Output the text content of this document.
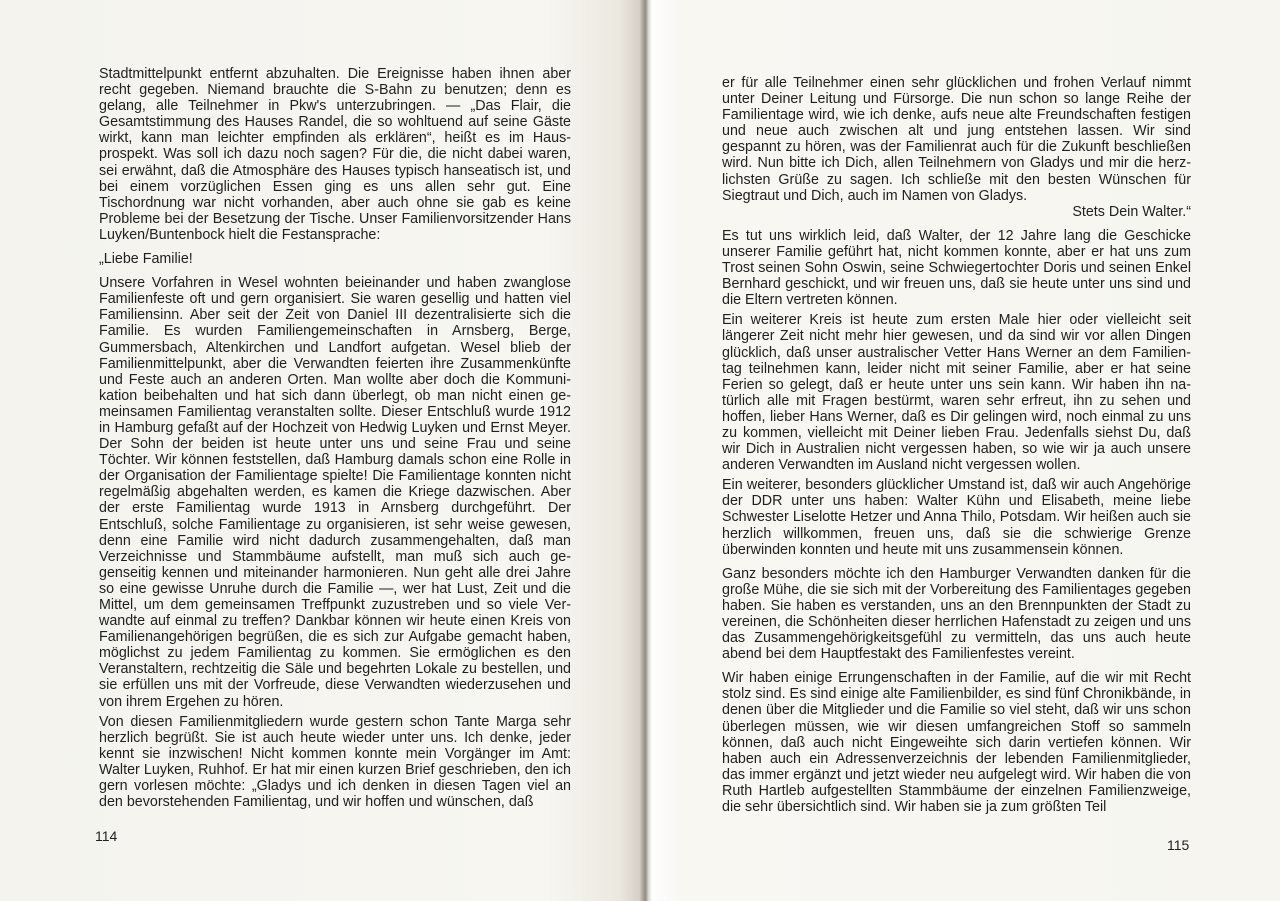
Stadtmittelpunkt entfernt abzuhalten. Die Ereignisse haben ihnen aber recht gegeben. Niemand brauchte die S-Bahn zu benutzen; denn es gelang, alle Teilnehmer in Pkw's unterzubringen. — „Das Flair, die Gesamtstimmung des Hauses Randel, die so wohltuend auf seine Gäste wirkt, kann man leichter empfinden als erklären“, heißt es im Hausprospekt. Was soll ich dazu noch sagen? Für die, die nicht dabei waren, sei erwähnt, daß die Atmosphäre des Hauses typisch hanseatisch ist, und bei einem vorzüglichen Essen ging es uns allen sehr gut. Eine Tischordnung war nicht vorhanden, aber auch ohne sie gab es keine Probleme bei der Besetzung der Tische. Unser Familienvorsitzender Hans Luyken/Buntenbock hielt die Festansprache:

„Liebe Familie!

Unsere Vorfahren in Wesel wohnten beieinander und haben zwanglose Familienfeste oft und gern organisiert. Sie waren gesellig und hatten viel Familiensinn. Aber seit der Zeit von Daniel III dezentralisierte sich die Familie. Es wurden Familiengemeinschaften in Arnsberg, Berge, Gummersbach, Altenkirchen und Landfort aufgetan. Wesel blieb der Familienmittelpunkt, aber die Verwandten feierten ihre Zusammenkünfte und Feste auch an anderen Orten. Man wollte aber doch die Kommunikation beibehalten und hat sich dann überlegt, ob man nicht einen gemeinsamen Familientag veranstalten sollte. Dieser Entschluß wurde 1912 in Hamburg gefaßt auf der Hochzeit von Hedwig Luyken und Ernst Meyer. Der Sohn der beiden ist heute unter uns und seine Frau und seine Töchter. Wir können feststellen, daß Hamburg damals schon eine Rolle in der Organisation der Familientage spielte! Die Familientage konnten nicht regelmäßig abgehalten werden, es kamen die Kriege dazwischen. Aber der erste Familientag wurde 1913 in Arnsberg durchgeführt. Der Entschluß, solche Familientage zu organisieren, ist sehr weise gewesen, denn eine Familie wird nicht dadurch zusammengehalten, daß man Verzeichnisse und Stammbäume aufstellt, man muß sich auch gegenseitig kennen und miteinander harmonieren. Nun geht alle drei Jahre so eine gewisse Unruhe durch die Familie —, wer hat Lust, Zeit und die Mittel, um dem gemeinsamen Treffpunkt zuzustreben und so viele Verwandte auf einmal zu treffen? Dankbar können wir heute einen Kreis von Familienangehörigen begrüßen, die es sich zur Aufgabe gemacht haben, möglichst zu jedem Familientag zu kommen. Sie ermöglichen es den Veranstaltern, rechtzeitig die Säle und begehrten Lokale zu bestellen, und sie erfüllen uns mit der Vorfreude, diese Verwandten wiederzusehen und von ihrem Ergehen zu hören.

Von diesen Familienmitgliedern wurde gestern schon Tante Marga sehr herzlich begrüßt. Sie ist auch heute wieder unter uns. Ich denke, jeder kennt sie inzwischen! Nicht kommen konnte mein Vorgänger im Amt: Walter Luyken, Ruhhof. Er hat mir einen kurzen Brief geschrieben, den ich gern vorlesen möchte: „Gladys und ich denken in diesen Tagen viel an den bevorstehenden Familientag, und wir hoffen und wünschen, daß

114

er für alle Teilnehmer einen sehr glücklichen und frohen Verlauf nimmt unter Deiner Leitung und Fürsorge. Die nun schon so lange Reihe der Familientage wird, wie ich denke, aufs neue alte Freundschaften festigen und neue auch zwischen alt und jung entstehen lassen. Wir sind gespannt zu hören, was der Familienrat auch für die Zukunft beschließen wird. Nun bitte ich Dich, allen Teilnehmern von Gladys und mir die herzlichsten Grüße zu sagen. Ich schließe mit den besten Wünschen für Siegtraut und Dich, auch im Namen von Gladys.

Stets Dein Walter.“

Es tut uns wirklich leid, daß Walter, der 12 Jahre lang die Geschicke unserer Familie geführt hat, nicht kommen konnte, aber er hat uns zum Trost seinen Sohn Oswin, seine Schwiegertochter Doris und seinen Enkel Bernhard geschickt, und wir freuen uns, daß sie heute unter uns sind und die Eltern vertreten können.

Ein weiterer Kreis ist heute zum ersten Male hier oder vielleicht seit längerer Zeit nicht mehr hier gewesen, und da sind wir vor allen Dingen glücklich, daß unser australischer Vetter Hans Werner an dem Familientag teilnehmen kann, leider nicht mit seiner Familie, aber er hat seine Ferien so gelegt, daß er heute unter uns sein kann. Wir haben ihn natürlich alle mit Fragen bestürmt, waren sehr erfreut, ihn zu sehen und hoffen, lieber Hans Werner, daß es Dir gelingen wird, noch einmal zu uns zu kommen, vielleicht mit Deiner lieben Frau. Jedenfalls siehst Du, daß wir Dich in Australien nicht vergessen haben, so wie wir ja auch unsere anderen Verwandten im Ausland nicht vergessen wollen.

Ein weiterer, besonders glücklicher Umstand ist, daß wir auch Angehörige der DDR unter uns haben: Walter Kühn und Elisabeth, meine liebe Schwester Liselotte Hetzer und Anna Thilo, Potsdam. Wir heißen auch sie herzlich willkommen, freuen uns, daß sie die schwierige Grenze überwinden konnten und heute mit uns zusammensein können.

Ganz besonders möchte ich den Hamburger Verwandten danken für die große Mühe, die sie sich mit der Vorbereitung des Familientages gegeben haben. Sie haben es verstanden, uns an den Brennpunkten der Stadt zu vereinen, die Schönheiten dieser herrlichen Hafenstadt zu zeigen und uns das Zusammengehörigkeitsgefühl zu vermitteln, das uns auch heute abend bei dem Hauptfestakt des Familienfestes vereint.

Wir haben einige Errungenschaften in der Familie, auf die wir mit Recht stolz sind. Es sind einige alte Familienbilder, es sind fünf Chronikbände, in denen über die Mitglieder und die Familie so viel steht, daß wir uns schon überlegen müssen, wie wir diesen umfangreichen Stoff so sammeln können, daß auch nicht Eingeweihte sich darin vertiefen können. Wir haben auch ein Adressenverzeichnis der lebenden Familienmitglieder, das immer ergänzt und jetzt wieder neu aufgelegt wird. Wir haben die von Ruth Hartleb aufgestellten Stammbäume der einzelnen Familienzweige, die sehr übersichtlich sind. Wir haben sie ja zum größten Teil

115
